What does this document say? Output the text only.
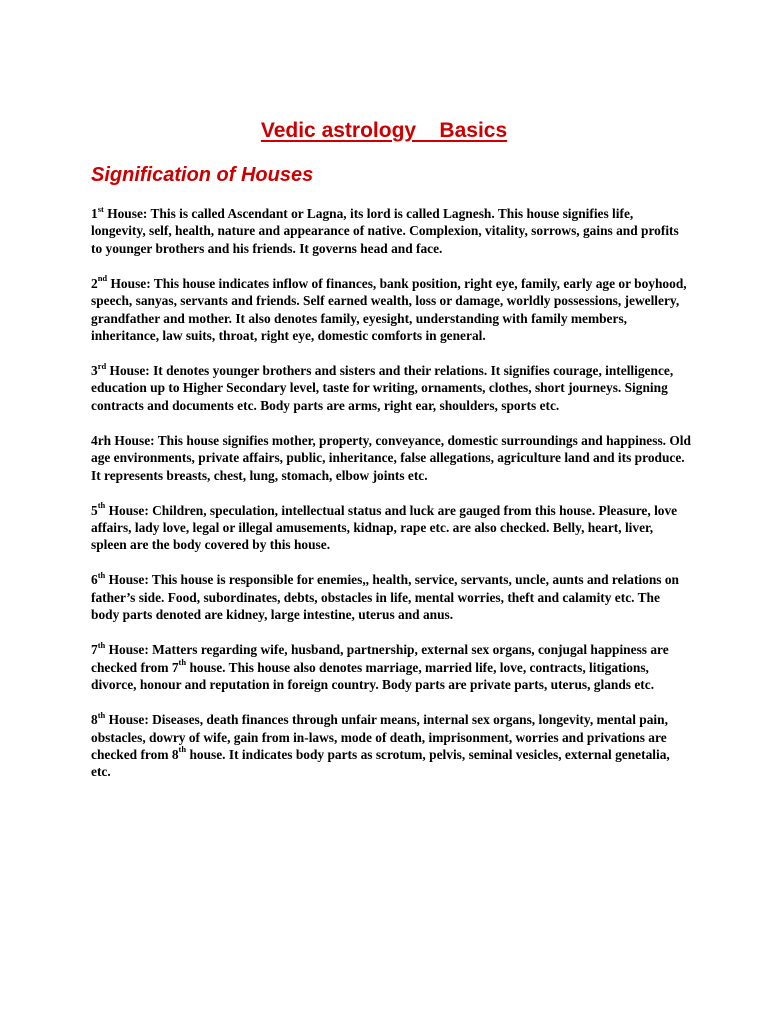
Vedic astrology    Basics
Signification of Houses

1st House: This is called Ascendant or Lagna, its lord is called Lagnesh. This house signifies life, longevity, self, health, nature and appearance of native. Complexion, vitality, sorrows, gains and profits to younger brothers and his friends. It governs head and face.

2nd House: This house indicates inflow of finances, bank position, right eye, family, early age or boyhood, speech, sanyas, servants and friends. Self earned wealth, loss or damage, worldly possessions, jewellery, grandfather and mother. It also denotes family, eyesight, understanding with family members, inheritance, law suits, throat, right eye, domestic comforts in general.

3rd House: It denotes younger brothers and sisters and their relations. It signifies courage, intelligence, education up to Higher Secondary level, taste for writing, ornaments, clothes, short journeys. Signing contracts and documents etc. Body parts are arms, right ear, shoulders, sports etc.

4rh House: This house signifies mother, property, conveyance, domestic surroundings and happiness. Old age environments, private affairs, public, inheritance, false allegations, agriculture land and its produce. It represents breasts, chest, lung, stomach, elbow joints etc.

5th House: Children, speculation, intellectual status and luck are gauged from this house. Pleasure, love affairs, lady love, legal or illegal amusements, kidnap, rape etc. are also checked. Belly, heart, liver, spleen are the body covered by this house.

6th House: This house is responsible for enemies,, health, service, servants, uncle, aunts and relations on father’s side. Food, subordinates, debts, obstacles in life, mental worries, theft and calamity etc. The body parts denoted are kidney, large intestine, uterus and anus.

7th House: Matters regarding wife, husband, partnership, external sex organs, conjugal happiness are checked from 7th house. This house also denotes marriage, married life, love, contracts, litigations, divorce, honour and reputation in foreign country. Body parts are private parts, uterus, glands etc.

8th House: Diseases, death finances through unfair means, internal sex organs, longevity, mental pain, obstacles, dowry of wife, gain from in-laws, mode of death, imprisonment, worries and privations are checked from 8th house. It indicates body parts as scrotum, pelvis, seminal vesicles, external genetalia, etc.
